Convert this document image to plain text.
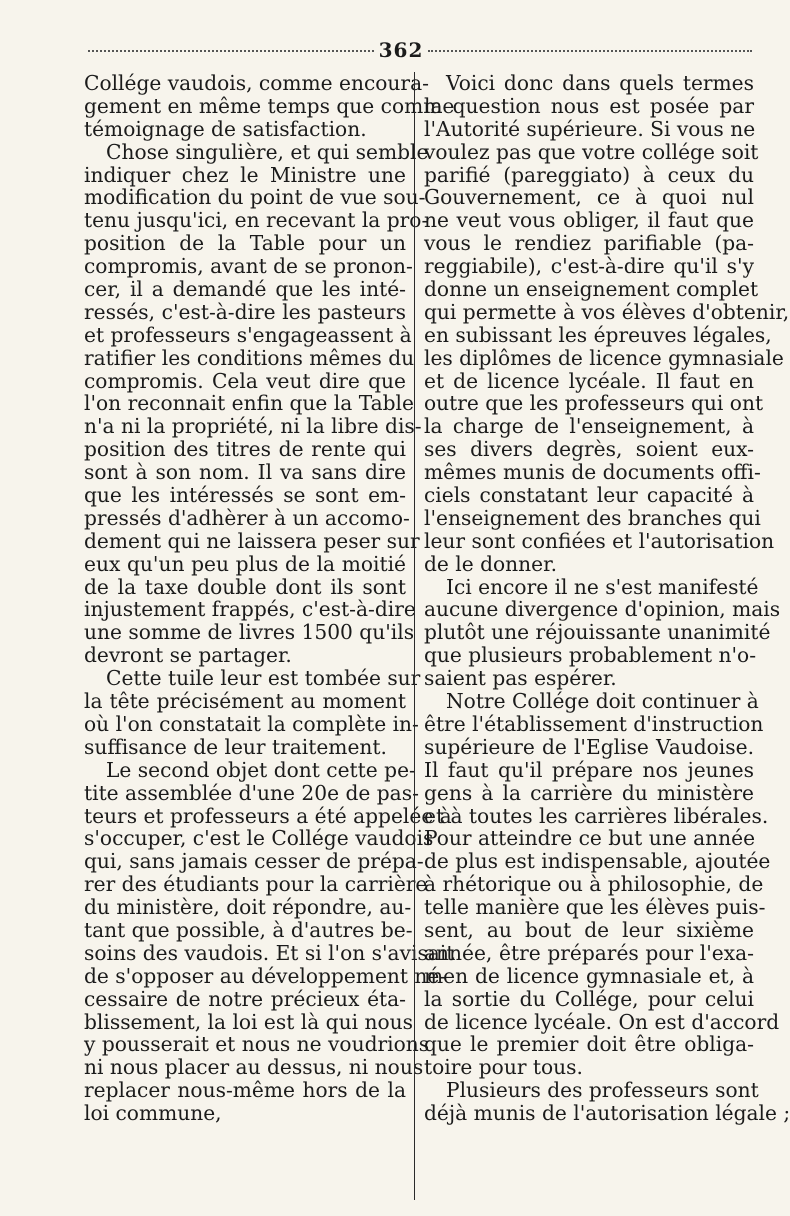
362
Collége vaudois, comme encoura-
gement en même temps que comme
témoignage de satisfaction.
Chose singulière, et qui semble
indiquer chez le Ministre une
modification du point de vue sou-
tenu jusqu'ici, en recevant la pro-
position de la Table pour un
compromis, avant de se pronon-
cer, il a demandé que les inté-
ressés, c'est-à-dire les pasteurs
et professeurs s'engageassent à
ratifier les conditions mêmes du
compromis. Cela veut dire que
l'on reconnait enfin que la Table
n'a ni la propriété, ni la libre dis-
position des titres de rente qui
sont à son nom. Il va sans dire
que les intéressés se sont em-
pressés d'adhèrer à un accomo-
dement qui ne laissera peser sur
eux qu'un peu plus de la moitié
de la taxe double dont ils sont
injustement frappés, c'est-à-dire
une somme de livres 1500 qu'ils
devront se partager.
Cette tuile leur est tombée sur
la tête précisément au moment
où l'on constatait la complète in-
suffisance de leur traitement.
Le second objet dont cette pe-
tite assemblée d'une 20e de pas-
teurs et professeurs a été appelée à
s'occuper, c'est le Collége vaudois
qui, sans jamais cesser de prépa-
rer des étudiants pour la carrière
du ministère, doit répondre, au-
tant que possible, à d'autres be-
soins des vaudois. Et si l'on s'avisait
de s'opposer au développement né-
cessaire de notre précieux éta-
blissement, la loi est là qui nous
y pousserait et nous ne voudrions
ni nous placer au dessus, ni nous
replacer nous-même hors de la
loi commune,
Voici donc dans quels termes
la question nous est posée par
l'Autorité supérieure. Si vous ne
voulez pas que votre collége soit
parifié (pareggiato) à ceux du
Gouvernement, ce à quoi nul
ne veut vous obliger, il faut que
vous le rendiez parifiable (pa-
reggiabile), c'est-à-dire qu'il s'y
donne un enseignement complet
qui permette à vos élèves d'obtenir,
en subissant les épreuves légales,
les diplômes de licence gymnasiale
et de licence lycéale. Il faut en
outre que les professeurs qui ont
la charge de l'enseignement, à
ses divers degrès, soient eux-
mêmes munis de documents offi-
ciels constatant leur capacité à
l'enseignement des branches qui
leur sont confiées et l'autorisation
de le donner.
Ici encore il ne s'est manifesté
aucune divergence d'opinion, mais
plutôt une réjouissante unanimité
que plusieurs probablement n'o-
saient pas espérer.
Notre Collége doit continuer à
être l'établissement d'instruction
supérieure de l'Eglise Vaudoise.
Il faut qu'il prépare nos jeunes
gens à la carrière du ministère
et à toutes les carrières libérales.
Pour atteindre ce but une année
de plus est indispensable, ajoutée
à rhétorique ou à philosophie, de
telle manière que les élèves puis-
sent, au bout de leur sixième
année, être préparés pour l'exa-
men de licence gymnasiale et, à
la sortie du Collége, pour celui
de licence lycéale. On est d'accord
que le premier doit être obliga-
toire pour tous.
Plusieurs des professeurs sont
déjà munis de l'autorisation légale ;
